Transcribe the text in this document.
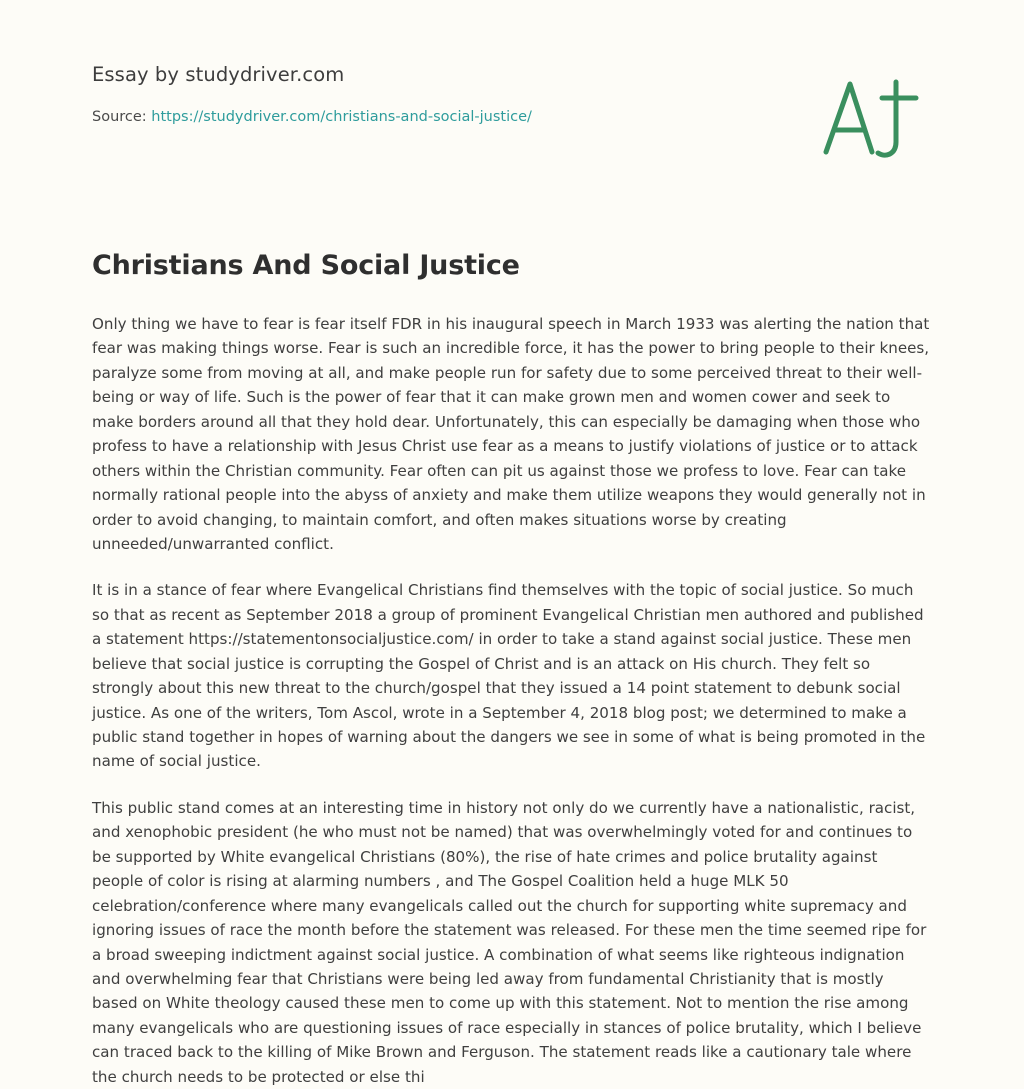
Essay by studydriver.com
Source: https://studydriver.com/christians-and-social-justice/
Christians And Social Justice

Only thing we have to fear is fear itself FDR in his inaugural speech in March 1933 was alerting the nation that fear was making things worse. Fear is such an incredible force, it has the power to bring people to their knees, paralyze some from moving at all, and make people run for safety due to some perceived threat to their well-being or way of life. Such is the power of fear that it can make grown men and women cower and seek to make borders around all that they hold dear. Unfortunately, this can especially be damaging when those who profess to have a relationship with Jesus Christ use fear as a means to justify violations of justice or to attack others within the Christian community. Fear often can pit us against those we profess to love. Fear can take normally rational people into the abyss of anxiety and make them utilize weapons they would generally not in order to avoid changing, to maintain comfort, and often makes situations worse by creating unneeded/unwarranted conflict.

It is in a stance of fear where Evangelical Christians find themselves with the topic of social justice. So much so that as recent as September 2018 a group of prominent Evangelical Christian men authored and published a statement https://statementonsocialjustice.com/ in order to take a stand against social justice. These men believe that social justice is corrupting the Gospel of Christ and is an attack on His church. They felt so strongly about this new threat to the church/gospel that they issued a 14 point statement to debunk social justice. As one of the writers, Tom Ascol, wrote in a September 4, 2018 blog post; we determined to make a public stand together in hopes of warning about the dangers we see in some of what is being promoted in the name of social justice.

This public stand comes at an interesting time in history not only do we currently have a nationalistic, racist, and xenophobic president (he who must not be named) that was overwhelmingly voted for and continues to be supported by White evangelical Christians (80%), the rise of hate crimes and police brutality against people of color is rising at alarming numbers , and The Gospel Coalition held a huge MLK 50 celebration/conference where many evangelicals called out the church for supporting white supremacy and ignoring issues of race the month before the statement was released. For these men the time seemed ripe for a broad sweeping indictment against social justice. A combination of what seems like righteous indignation and overwhelming fear that Christians were being led away from fundamental Christianity that is mostly based on White theology caused these men to come up with this statement. Not to mention the rise among many evangelicals who are questioning issues of race especially in stances of police brutality, which I believe can traced back to the killing of Mike Brown and Ferguson. The statement reads like a cautionary tale where the church needs to be protected or else thi
